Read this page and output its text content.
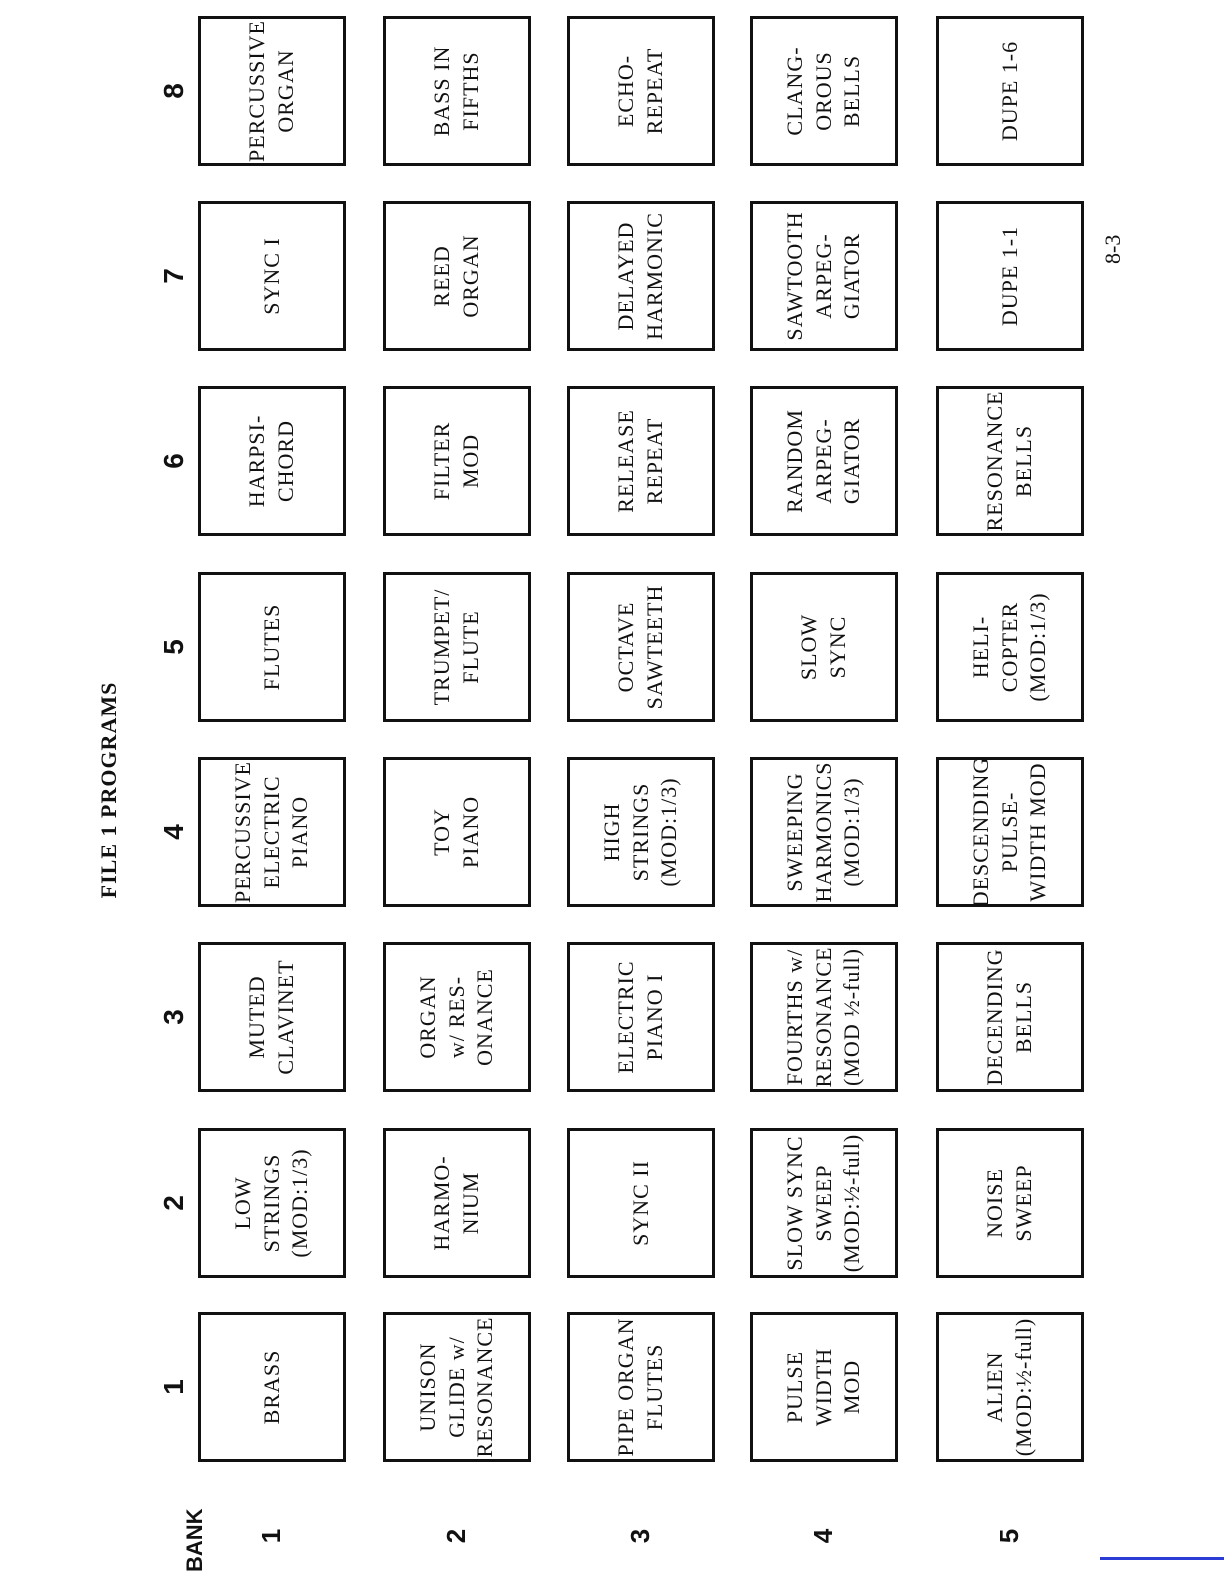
FILE 1 PROGRAMS
BANK
1
2
3
4
5
6
7
8
1
BRASS
LOW
STRINGS
(MOD:1/3)
MUTED
CLAVINET
PERCUSSIVE
ELECTRIC
PIANO
FLUTES
HARPSI-
CHORD
SYNC I
PERCUSSIVE
ORGAN
2
UNISON
GLIDE w/
RESONANCE
HARMO-
NIUM
ORGAN
w/ RES-
ONANCE
TOY
PIANO
TRUMPET/
FLUTE
FILTER
MOD
REED
ORGAN
BASS IN
FIFTHS
3
PIPE ORGAN
FLUTES
SYNC II
ELECTRIC
PIANO I
HIGH
STRINGS
(MOD:1/3)
OCTAVE
SAWTEETH
RELEASE
REPEAT
DELAYED
HARMONIC
ECHO-
REPEAT
4
PULSE
WIDTH
MOD
SLOW SYNC
SWEEP
(MOD:½-full)
FOURTHS w/
RESONANCE
(MOD ½-full)
SWEEPING
HARMONICS
(MOD:1/3)
SLOW
SYNC
RANDOM
ARPEG-
GIATOR
SAWTOOTH
ARPEG-
GIATOR
CLANG-
OROUS
BELLS
5
ALIEN
(MOD:½-full)
NOISE
SWEEP
DECENDING
BELLS
DESCENDING
PULSE-
WIDTH MOD
HELI-
COPTER
(MOD:1/3)
RESONANCE
BELLS
DUPE 1-1
DUPE 1-6
8-3
